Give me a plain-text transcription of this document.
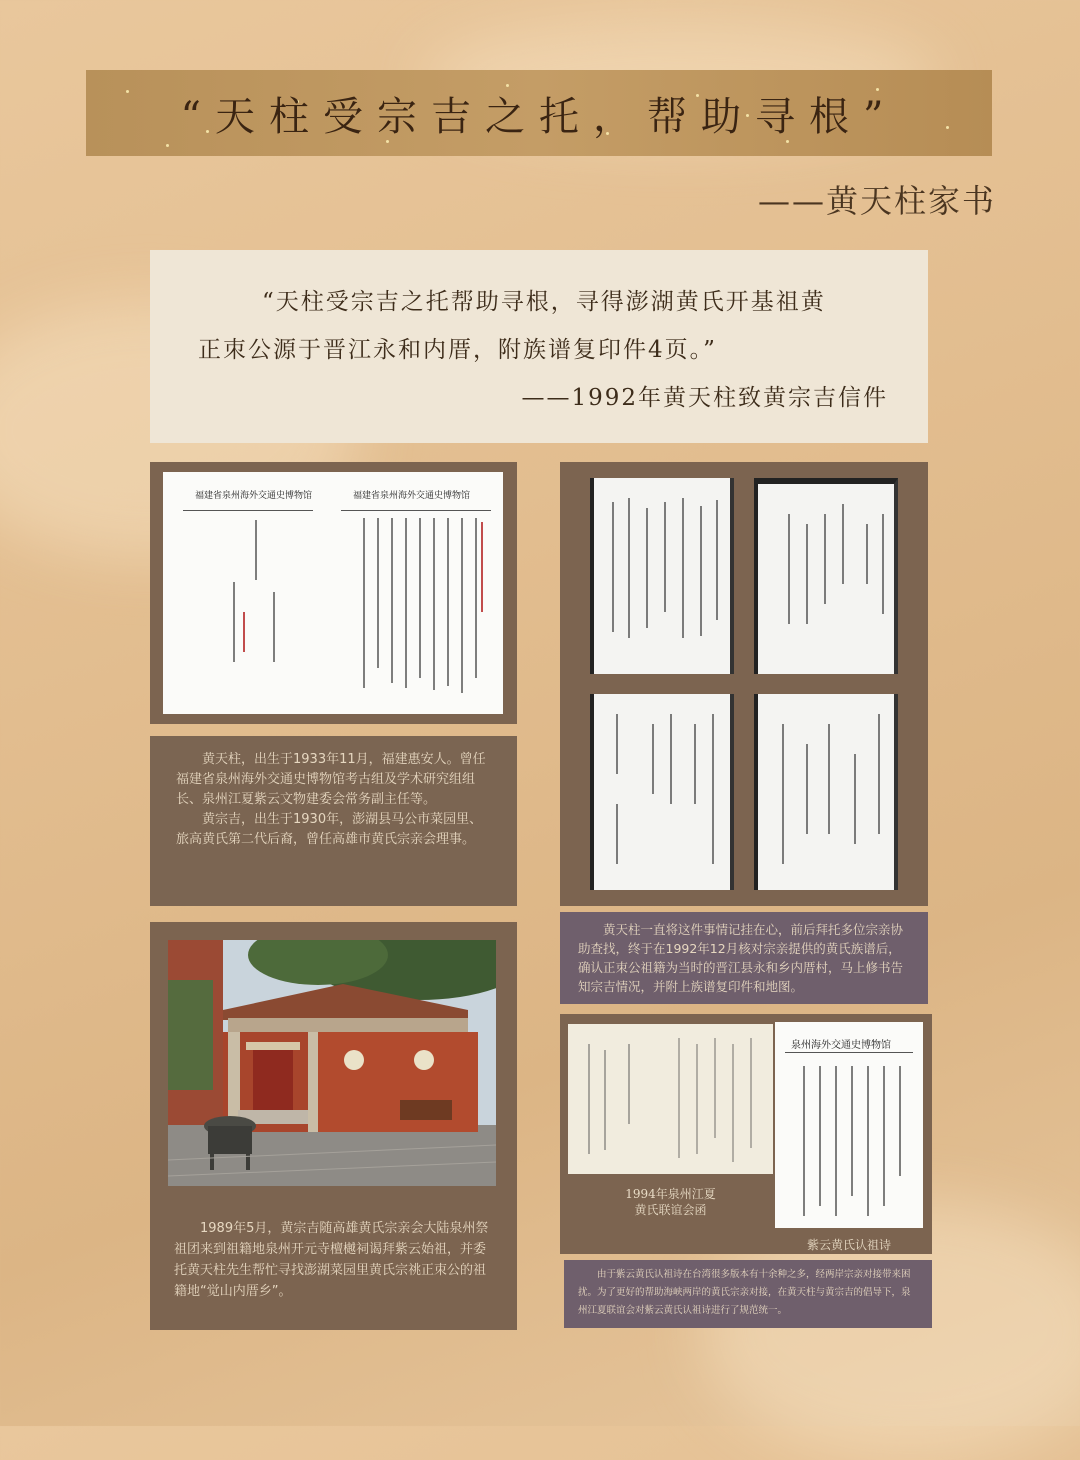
“天柱受宗吉之托，帮助寻根”
——黄天柱家书
“天柱受宗吉之托帮助寻根，寻得澎湖黄氏开基祖黄
正朿公源于晋江永和内厝，附族谱复印件4页。”
——1992年黄天柱致黄宗吉信件
福建省泉州海外交通史博物馆	福建省泉州海外交通史博物馆

黄天柱，出生于1933年11月，福建惠安人。曾任福建省泉州海外交通史博物馆考古组及学术研究组组长、泉州江夏紫云文物建委会常务副主任等。

黄宗吉，出生于1930年，澎湖县马公市菜园里、旅高黄氏第二代后裔，曾任高雄市黄氏宗亲会理事。

黄天柱一直将这件事情记挂在心，前后拜托多位宗亲协助查找，终于在1992年12月核对宗亲提供的黄氏族谱后，确认正朿公祖籍为当时的晋江县永和乡内厝村，马上修书告知宗吉情况，并附上族谱复印件和地图。

1989年5月，黄宗吉随高雄黄氏宗亲会大陆泉州祭祖团来到祖籍地泉州开元寺檀樾祠谒拜紫云始祖，并委托黄天柱先生帮忙寻找澎湖菜园里黄氏宗祧正朿公的祖籍地“觉山内厝乡”。

1994年泉州江夏
黄氏联谊会函
泉州海外交通史博物馆
紫云黄氏认祖诗

由于紫云黄氏认祖诗在台湾很多版本有十余种之多，经两岸宗亲对接带来困扰。为了更好的帮助海峡两岸的黄氏宗亲对接，在黄天柱与黄宗吉的倡导下，泉州江夏联谊会对紫云黄氏认祖诗进行了规范统一。
